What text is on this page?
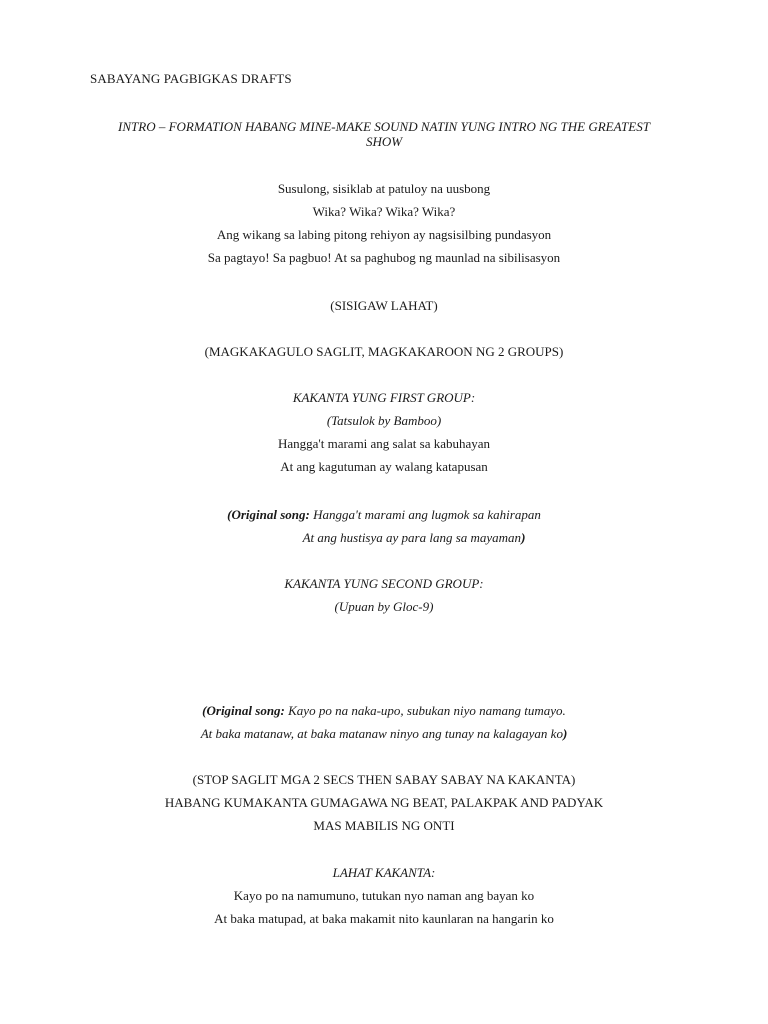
SABAYANG PAGBIGKAS DRAFTS
INTRO – FORMATION HABANG MINE-MAKE SOUND NATIN YUNG INTRO NG THE GREATEST SHOW
Susulong, sisiklab at patuloy na uusbong
Wika? Wika? Wika? Wika?
Ang wikang sa labing pitong rehiyon ay nagsisilbing pundasyon
Sa pagtayo! Sa pagbuo! At sa paghubog ng maunlad na sibilisasyon
(SISIGAW LAHAT)
(MAGKAKAGULO SAGLIT, MAGKAKAROON NG 2 GROUPS)
KAKANTA YUNG FIRST GROUP:
(Tatsulok by Bamboo)
Hangga't marami ang salat sa kabuhayan
At ang kagutuman ay walang katapusan
(Original song: Hangga't marami ang lugmok sa kahirapan
At ang hustisya ay para lang sa mayaman)
KAKANTA YUNG SECOND GROUP:
(Upuan by Gloc-9)
(Original song: Kayo po na naka-upo, subukan niyo namang tumayo.
At baka matanaw, at baka matanaw ninyo ang tunay na kalagayan ko)
(STOP SAGLIT MGA 2 SECS THEN SABAY SABAY NA KAKANTA)
HABANG KUMAKANTA GUMAGAWA NG BEAT, PALAKPAK AND PADYAK
MAS MABILIS NG ONTI
LAHAT KAKANTA:
Kayo po na namumuno, tutukan nyo naman ang bayan ko
At baka matupad, at baka makamit nito kaunlaran na hangarin ko
